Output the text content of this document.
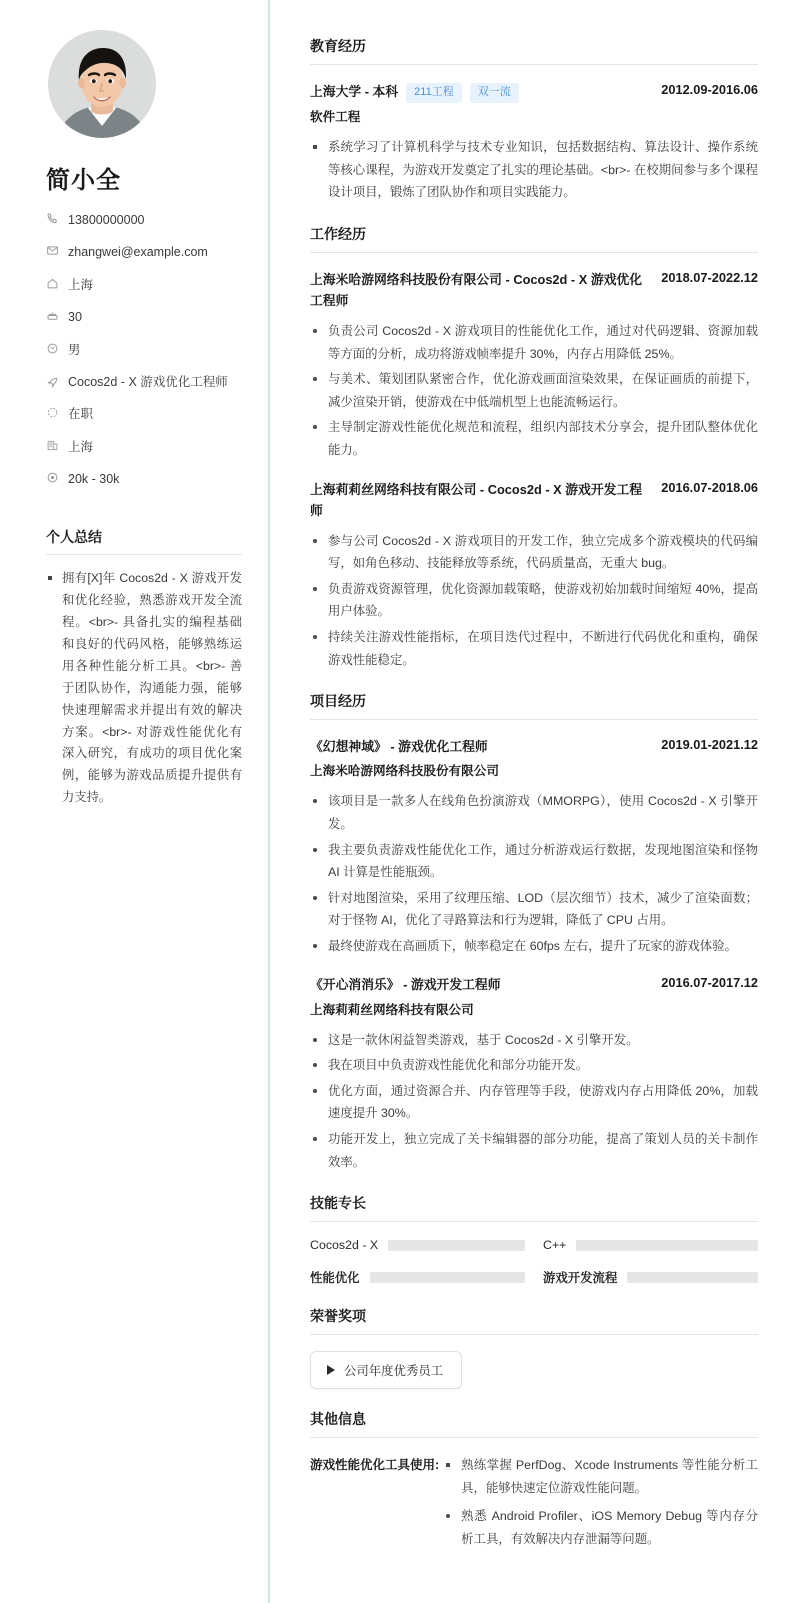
简小全
13800000000
zhangwei@example.com
上海
30
男
Cocos2d - X 游戏优化工程师
在职
上海
20k - 30k
个人总结
拥有[X]年 Cocos2d - X 游戏开发和优化经验，熟悉游戏开发全流程。<br>- 具备扎实的编程基础和良好的代码风格，能够熟练运用各种性能分析工具。<br>- 善于团队协作，沟通能力强，能够快速理解需求并提出有效的解决方案。<br>- 对游戏性能优化有深入研究，有成功的项目优化案例，能够为游戏品质提升提供有力支持。
教育经历
上海大学 - 本科 211工程 双一流	2012.09-2016.06
软件工程
系统学习了计算机科学与技术专业知识，包括数据结构、算法设计、操作系统等核心课程，为游戏开发奠定了扎实的理论基础。<br>- 在校期间参与多个课程设计项目，锻炼了团队协作和项目实践能力。
工作经历
上海米哈游网络科技股份有限公司 - Cocos2d - X 游戏优化工程师
2018.07-2022.12
负责公司 Cocos2d - X 游戏项目的性能优化工作，通过对代码逻辑、资源加载等方面的分析，成功将游戏帧率提升 30%，内存占用降低 25%。
与美术、策划团队紧密合作，优化游戏画面渲染效果，在保证画质的前提下，减少渲染开销，使游戏在中低端机型上也能流畅运行。
主导制定游戏性能优化规范和流程，组织内部技术分享会，提升团队整体优化能力。
上海莉莉丝网络科技有限公司 - Cocos2d - X 游戏开发工程师
2016.07-2018.06
参与公司 Cocos2d - X 游戏项目的开发工作，独立完成多个游戏模块的代码编写，如角色移动、技能释放等系统，代码质量高，无重大 bug。
负责游戏资源管理，优化资源加载策略，使游戏初始加载时间缩短 40%，提高用户体验。
持续关注游戏性能指标，在项目迭代过程中，不断进行代码优化和重构，确保游戏性能稳定。
项目经历
《幻想神域》 - 游戏优化工程师	2019.01-2021.12
上海米哈游网络科技股份有限公司
该项目是一款多人在线角色扮演游戏（MMORPG），使用 Cocos2d - X 引擎开发。
我主要负责游戏性能优化工作，通过分析游戏运行数据，发现地图渲染和怪物 AI 计算是性能瓶颈。
针对地图渲染，采用了纹理压缩、LOD（层次细节）技术，减少了渲染面数；对于怪物 AI，优化了寻路算法和行为逻辑，降低了 CPU 占用。
最终使游戏在高画质下，帧率稳定在 60fps 左右，提升了玩家的游戏体验。
《开心消消乐》 - 游戏开发工程师	2016.07-2017.12
上海莉莉丝网络科技有限公司
这是一款休闲益智类游戏，基于 Cocos2d - X 引擎开发。
我在项目中负责游戏性能优化和部分功能开发。
优化方面，通过资源合并、内存管理等手段，使游戏内存占用降低 20%，加载速度提升 30%。
功能开发上，独立完成了关卡编辑器的部分功能，提高了策划人员的关卡制作效率。
技能专长
Cocos2d - X	C++
性能优化	游戏开发流程
荣誉奖项
公司年度优秀员工
其他信息
游戏性能优化工具使用:	熟练掌握 PerfDog、Xcode Instruments 等性能分析工具，能够快速定位游戏性能问题。
熟悉 Android Profiler、iOS Memory Debug 等内存分析工具，有效解决内存泄漏等问题。
